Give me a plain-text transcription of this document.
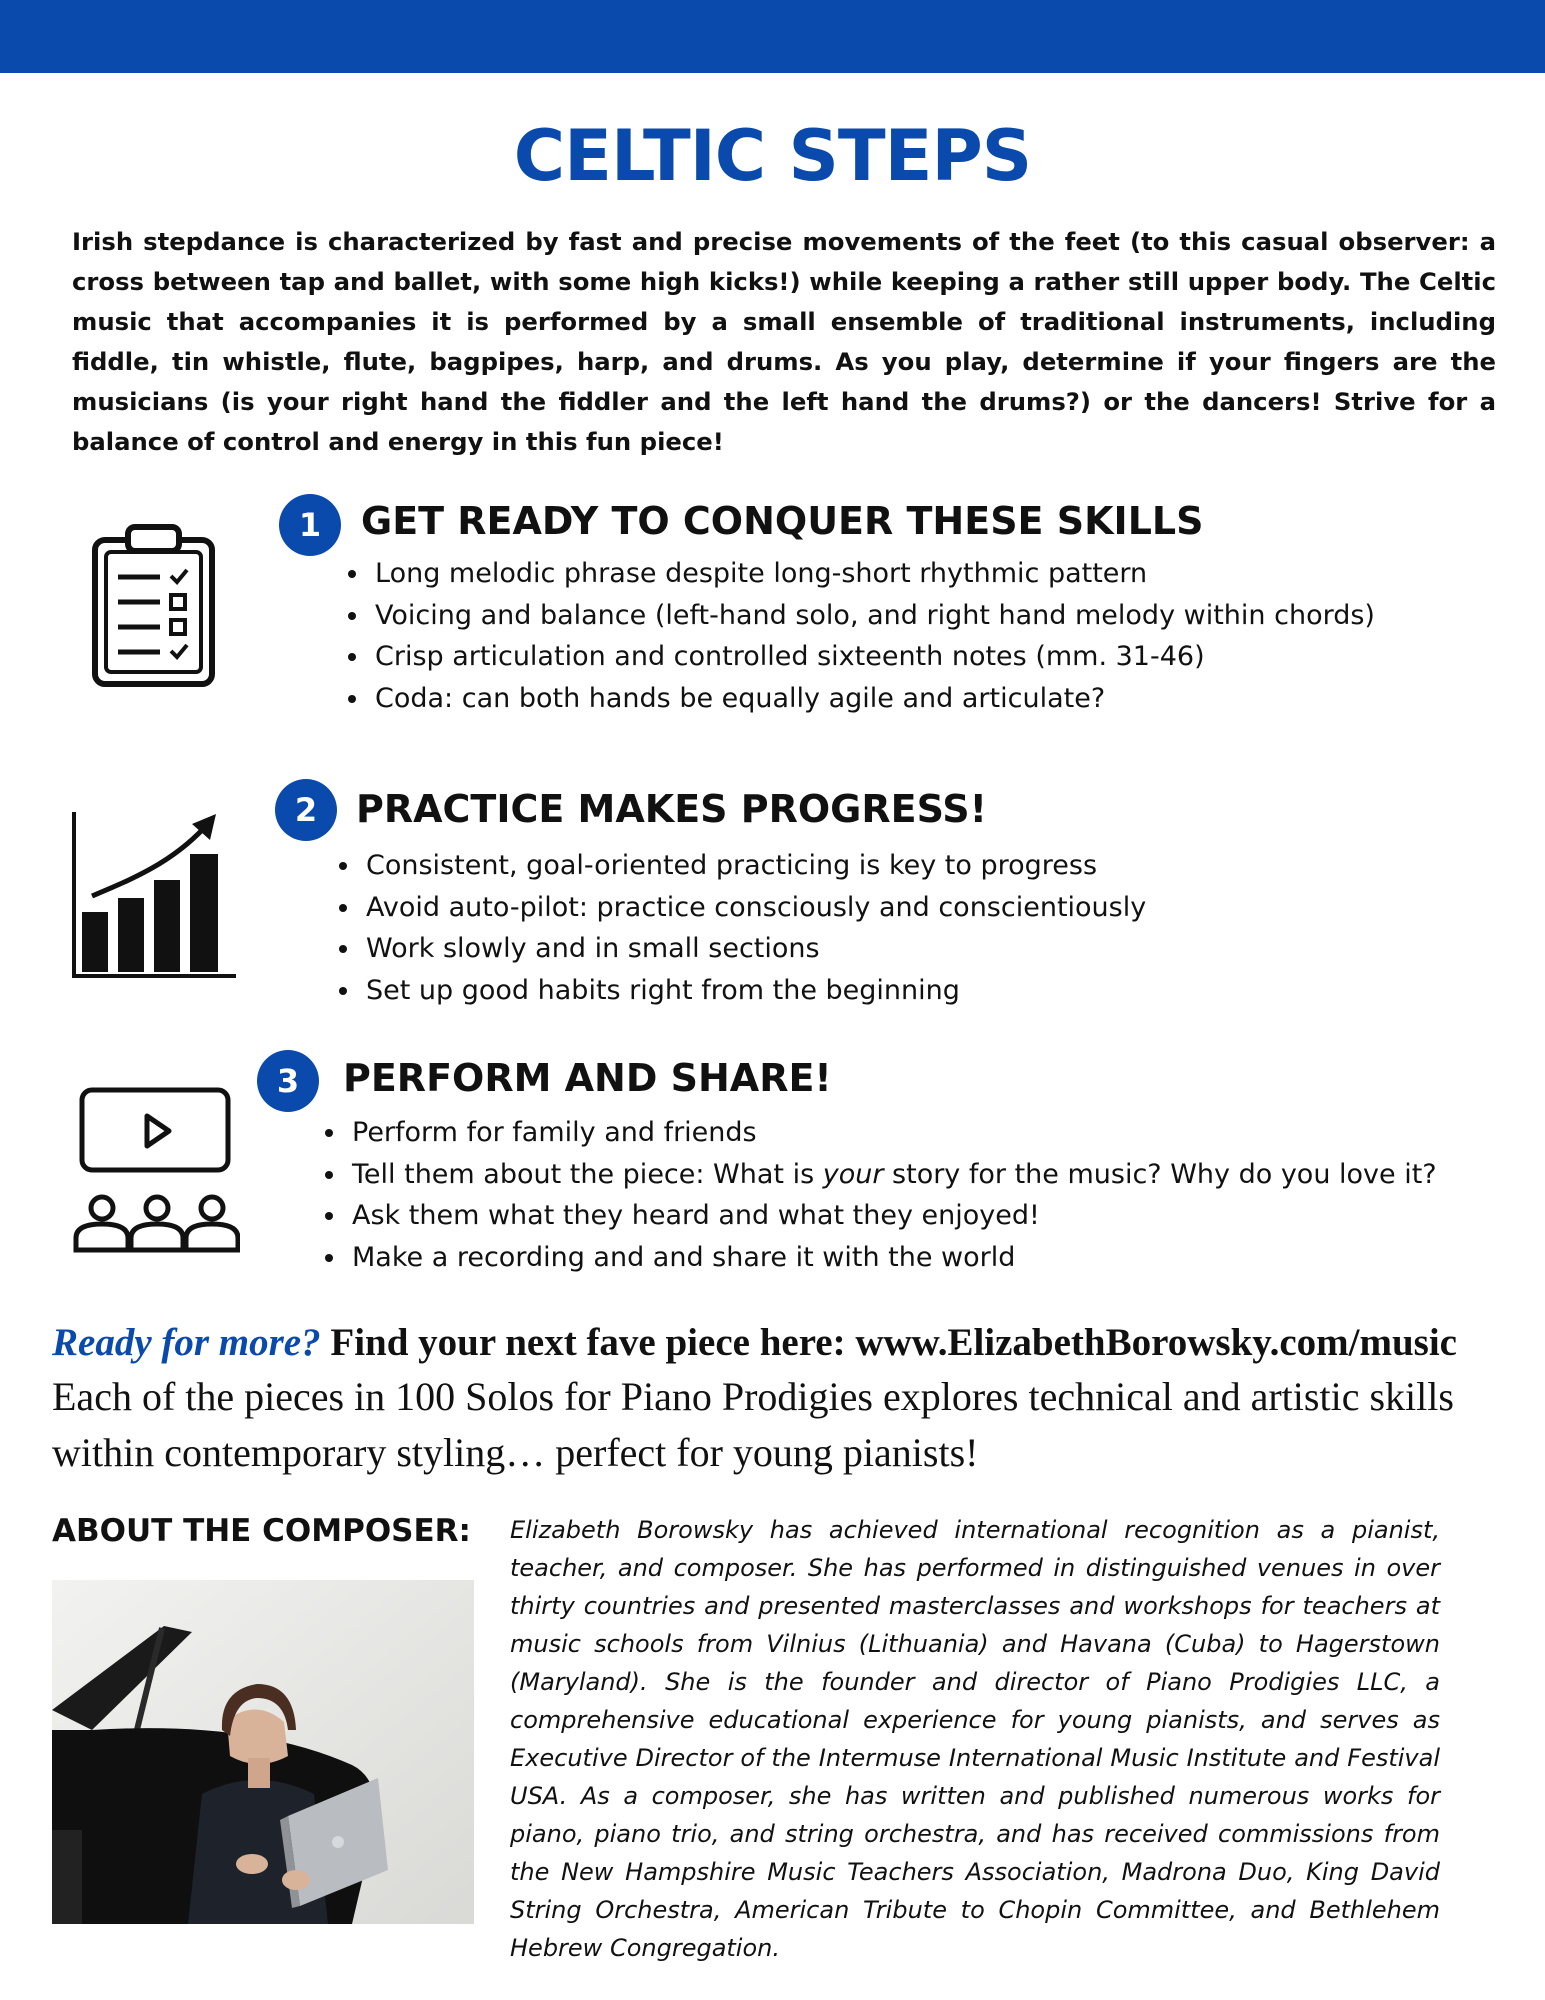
CELTIC STEPS

Irish stepdance is characterized by fast and precise movements of the feet (to this casual observer: a cross between tap and ballet, with some high kicks!) while keeping a rather still upper body. The Celtic music that accompanies it is performed by a small ensemble of traditional instruments, including fiddle, tin whistle, flute, bagpipes, harp, and drums. As you play, determine if your fingers are the musicians (is your right hand the fiddler and the left hand the drums?) or the dancers! Strive for a balance of control and energy in this fun piece!

1	GET READY TO CONQUER THESE SKILLS
• Long melodic phrase despite long-short rhythmic pattern
• Voicing and balance (left-hand solo, and right hand melody within chords)
• Crisp articulation and controlled sixteenth notes (mm. 31-46)
• Coda: can both hands be equally agile and articulate?
2	PRACTICE MAKES PROGRESS!
• Consistent, goal-oriented practicing is key to progress
• Avoid auto-pilot: practice consciously and conscientiously
• Work slowly and in small sections
• Set up good habits right from the beginning
3	PERFORM AND SHARE!
• Perform for family and friends
• Tell them about the piece: What is your story for the music? Why do you love it?
• Ask them what they heard and what they enjoyed!
• Make a recording and and share it with the world

Ready for more? Find your next fave piece here: www.ElizabethBorowsky.com/music

Each of the pieces in 100 Solos for Piano Prodigies explores technical and artistic skills within contemporary styling… perfect for young pianists!

ABOUT THE COMPOSER: Elizabeth Borowsky has achieved international recognition as a pianist, teacher, and composer. She has performed in distinguished venues in over thirty countries and presented masterclasses and workshops for teachers at music schools from Vilnius (Lithuania) and Havana (Cuba) to Hagerstown (Maryland). She is the founder and director of Piano Prodigies LLC, a comprehensive educational experience for young pianists, and serves as Executive Director of the Intermuse International Music Institute and Festival USA. As a composer, she has written and published numerous works for piano, piano trio, and string orchestra, and has received commissions from the New Hampshire Music Teachers Association, Madrona Duo, King David String Orchestra, American Tribute to Chopin Committee, and Bethlehem Hebrew Congregation.
